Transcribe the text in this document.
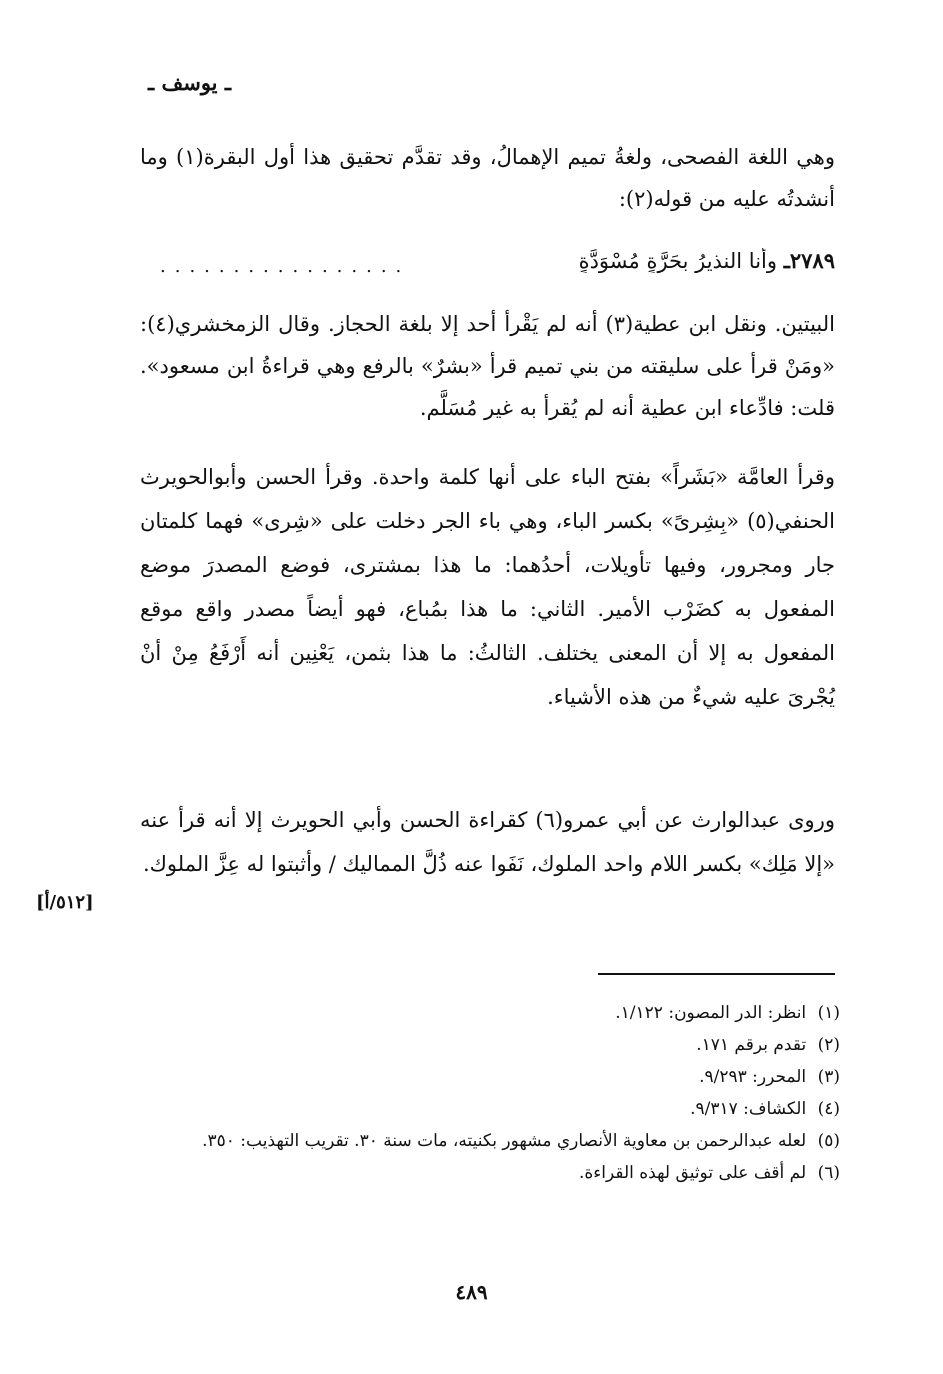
ـ يوسف ـ
وهي اللغة الفصحى، ولغةُ تميم الإهمالُ، وقد تقدَّم تحقيق هذا أول البقرة(١) وما أنشدتُه عليه من قوله(٢):
٢٧٨٩ـ وأنا النذيرُ بحَرَّةٍ مُسْوَدَّةٍ
.................
البيتين. ونقل ابن عطية(٣) أنه لم يَقْرأ أحد إلا بلغة الحجاز. وقال الزمخشري(٤): «ومَنْ قرأ على سليقته من بني تميم قرأ «بشرٌ» بالرفع وهي قراءةُ ابن مسعود». قلت: فادِّعاء ابن عطية أنه لم يُقرأ به غير مُسَلَّم.
وقرأ العامَّة «بَشَراً» بفتح الباء على أنها كلمة واحدة. وقرأ الحسن وأبوالحويرث الحنفي(٥) «بِشِرىً» بكسر الباء، وهي باء الجر دخلت على «شِرى» فهما كلمتان جار ومجرور، وفيها تأويلات، أحدُهما: ما هذا بمشترى، فوضع المصدرَ موضع المفعول به كضَرْب الأمير. الثاني: ما هذا بمُباع، فهو أيضاً مصدر واقع موقع المفعول به إلا أن المعنى يختلف. الثالثُ: ما هذا بثمن، يَعْنِين أنه أَرْفَعُ مِنْ أنْ يُجْرىَ عليه شيءٌ من هذه الأشياء.
وروى عبدالوارث عن أبي عمرو(٦) كقراءة الحسن وأبي الحويرث إلا أنه قرأ عنه «إلا مَلِك» بكسر اللام واحد الملوك، نَفَوا عنه ذُلَّ المماليك / وأثبتوا له عِزَّ الملوك.
[٥١٢/أ]
(١) انظر: الدر المصون: ١/١٢٢.
(٢) تقدم برقم ١٧١.
(٣) المحرر: ٩/٢٩٣.
(٤) الكشاف: ٩/٣١٧.
(٥) لعله عبدالرحمن بن معاوية الأنصاري مشهور بكنيته، مات سنة ٣٠. تقريب التهذيب: ٣٥٠.
(٦) لم أقف على توثيق لهذه القراءة.
٤٨٩
